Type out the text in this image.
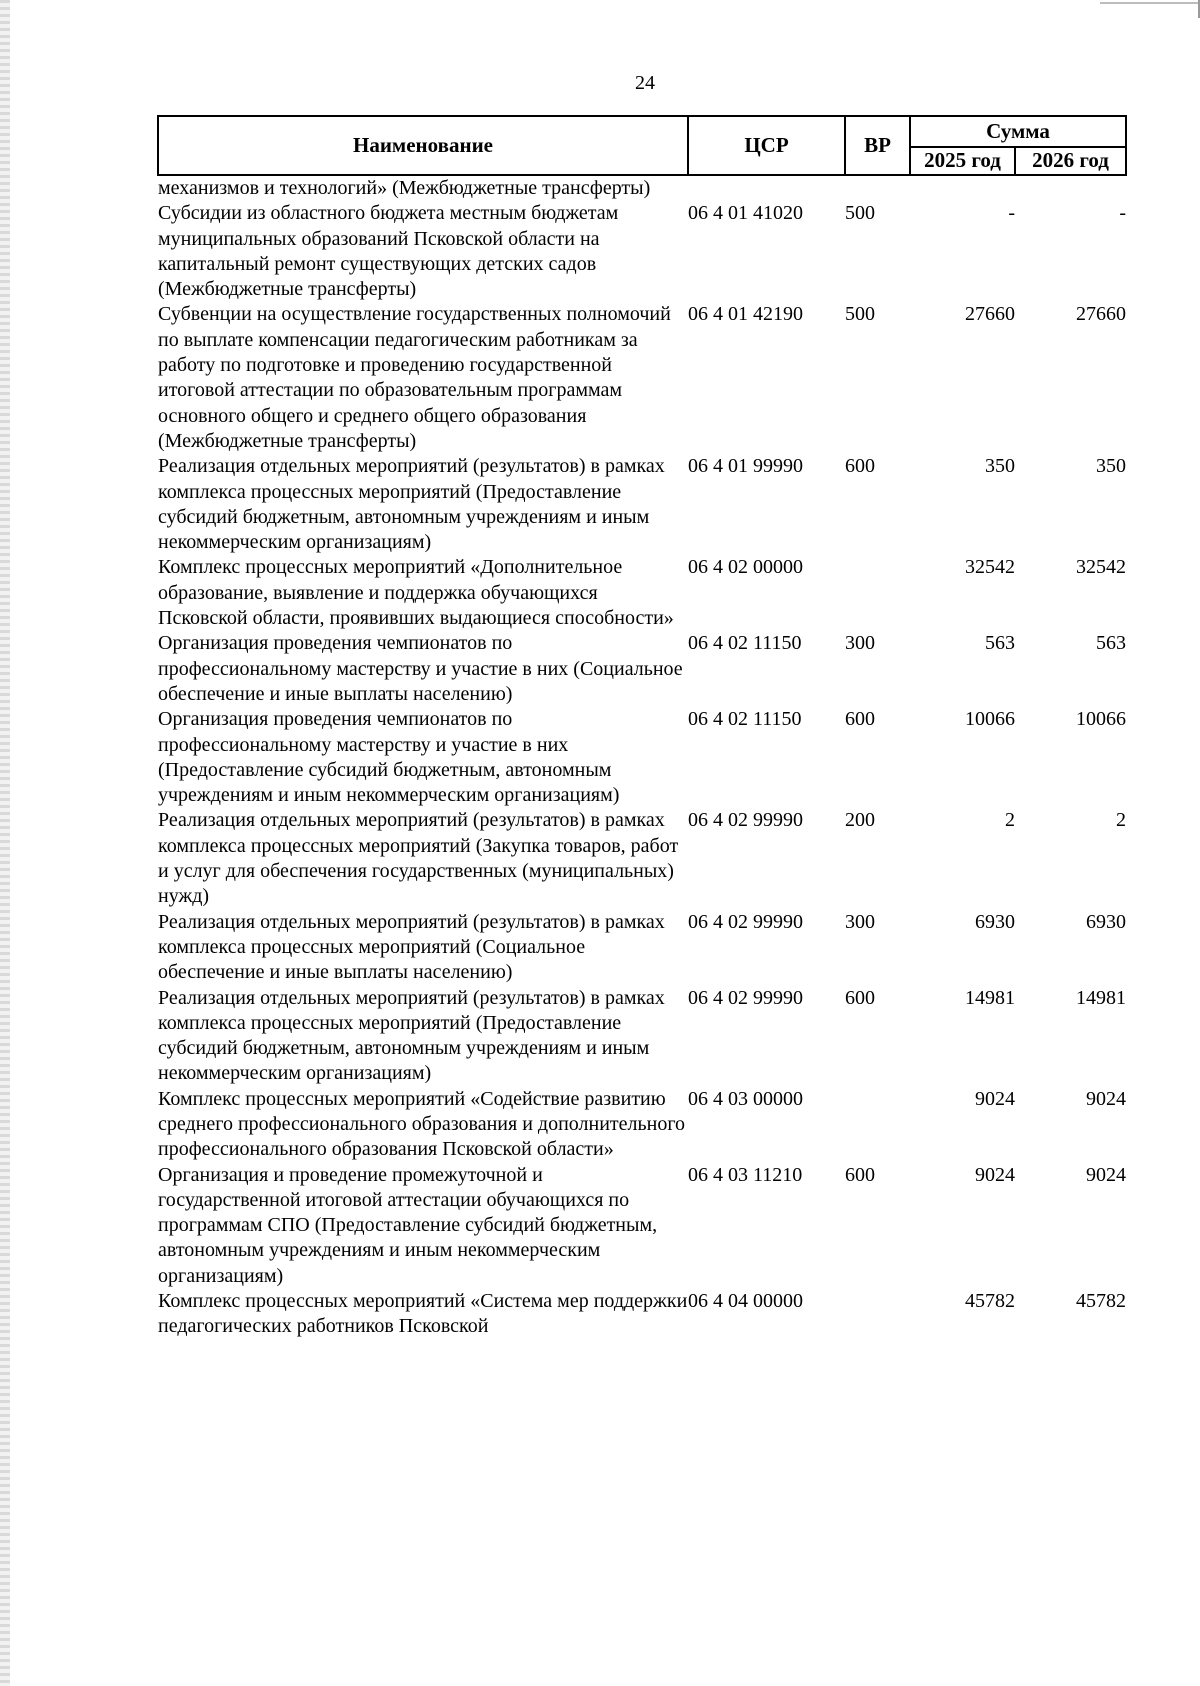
24
Наименование	ЦСР	ВР	Сумма	
			2025 год	2026 год
механизмов и технологий» (Межбюджетные трансферты)				
Субсидии из областного бюджета местным бюджетам муниципальных образований Псковской области на капитальный ремонт существующих детских садов (Межбюджетные трансферты)	06 4 01 41020	500	-	-
Субвенции на осуществление государственных полномочий по выплате компенсации педагогическим работникам за работу по подготовке и проведению государственной итоговой аттестации по образовательным программам основного общего и среднего общего образования (Межбюджетные трансферты)	06 4 01 42190	500	27660	27660
Реализация отдельных мероприятий (результатов) в рамках комплекса процессных мероприятий (Предоставление субсидий бюджетным, автономным учреждениям и иным некоммерческим организациям)	06 4 01 99990	600	350	350
Комплекс процессных мероприятий «Дополнительное образование, выявление и поддержка обучающихся Псковской области, проявивших выдающиеся способности»	06 4 02 00000		32542	32542
Организация проведения чемпионатов по профессиональному мастерству и участие в них (Социальное обеспечение и иные выплаты населению)	06 4 02 11150	300	563	563
Организация проведения чемпионатов по профессиональному мастерству и участие в них (Предоставление субсидий бюджетным, автономным учреждениям и иным некоммерческим организациям)	06 4 02 11150	600	10066	10066
Реализация отдельных мероприятий (результатов) в рамках комплекса процессных мероприятий (Закупка товаров, работ и услуг для обеспечения государственных (муниципальных) нужд)	06 4 02 99990	200	2	2
Реализация отдельных мероприятий (результатов) в рамках комплекса процессных мероприятий (Социальное обеспечение и иные выплаты населению)	06 4 02 99990	300	6930	6930
Реализация отдельных мероприятий (результатов) в рамках комплекса процессных мероприятий (Предоставление субсидий бюджетным, автономным учреждениям и иным некоммерческим организациям)	06 4 02 99990	600	14981	14981
Комплекс процессных мероприятий «Содействие развитию среднего профессионального образования и дополнительного профессионального образования Псковской области»	06 4 03 00000		9024	9024
Организация и проведение промежуточной и государственной итоговой аттестации обучающихся по программам СПО (Предоставление субсидий бюджетным, автономным учреждениям и иным некоммерческим организациям)	06 4 03 11210	600	9024	9024
Комплекс процессных мероприятий «Система мер поддержки педагогических работников Псковской	06 4 04 00000		45782	45782
